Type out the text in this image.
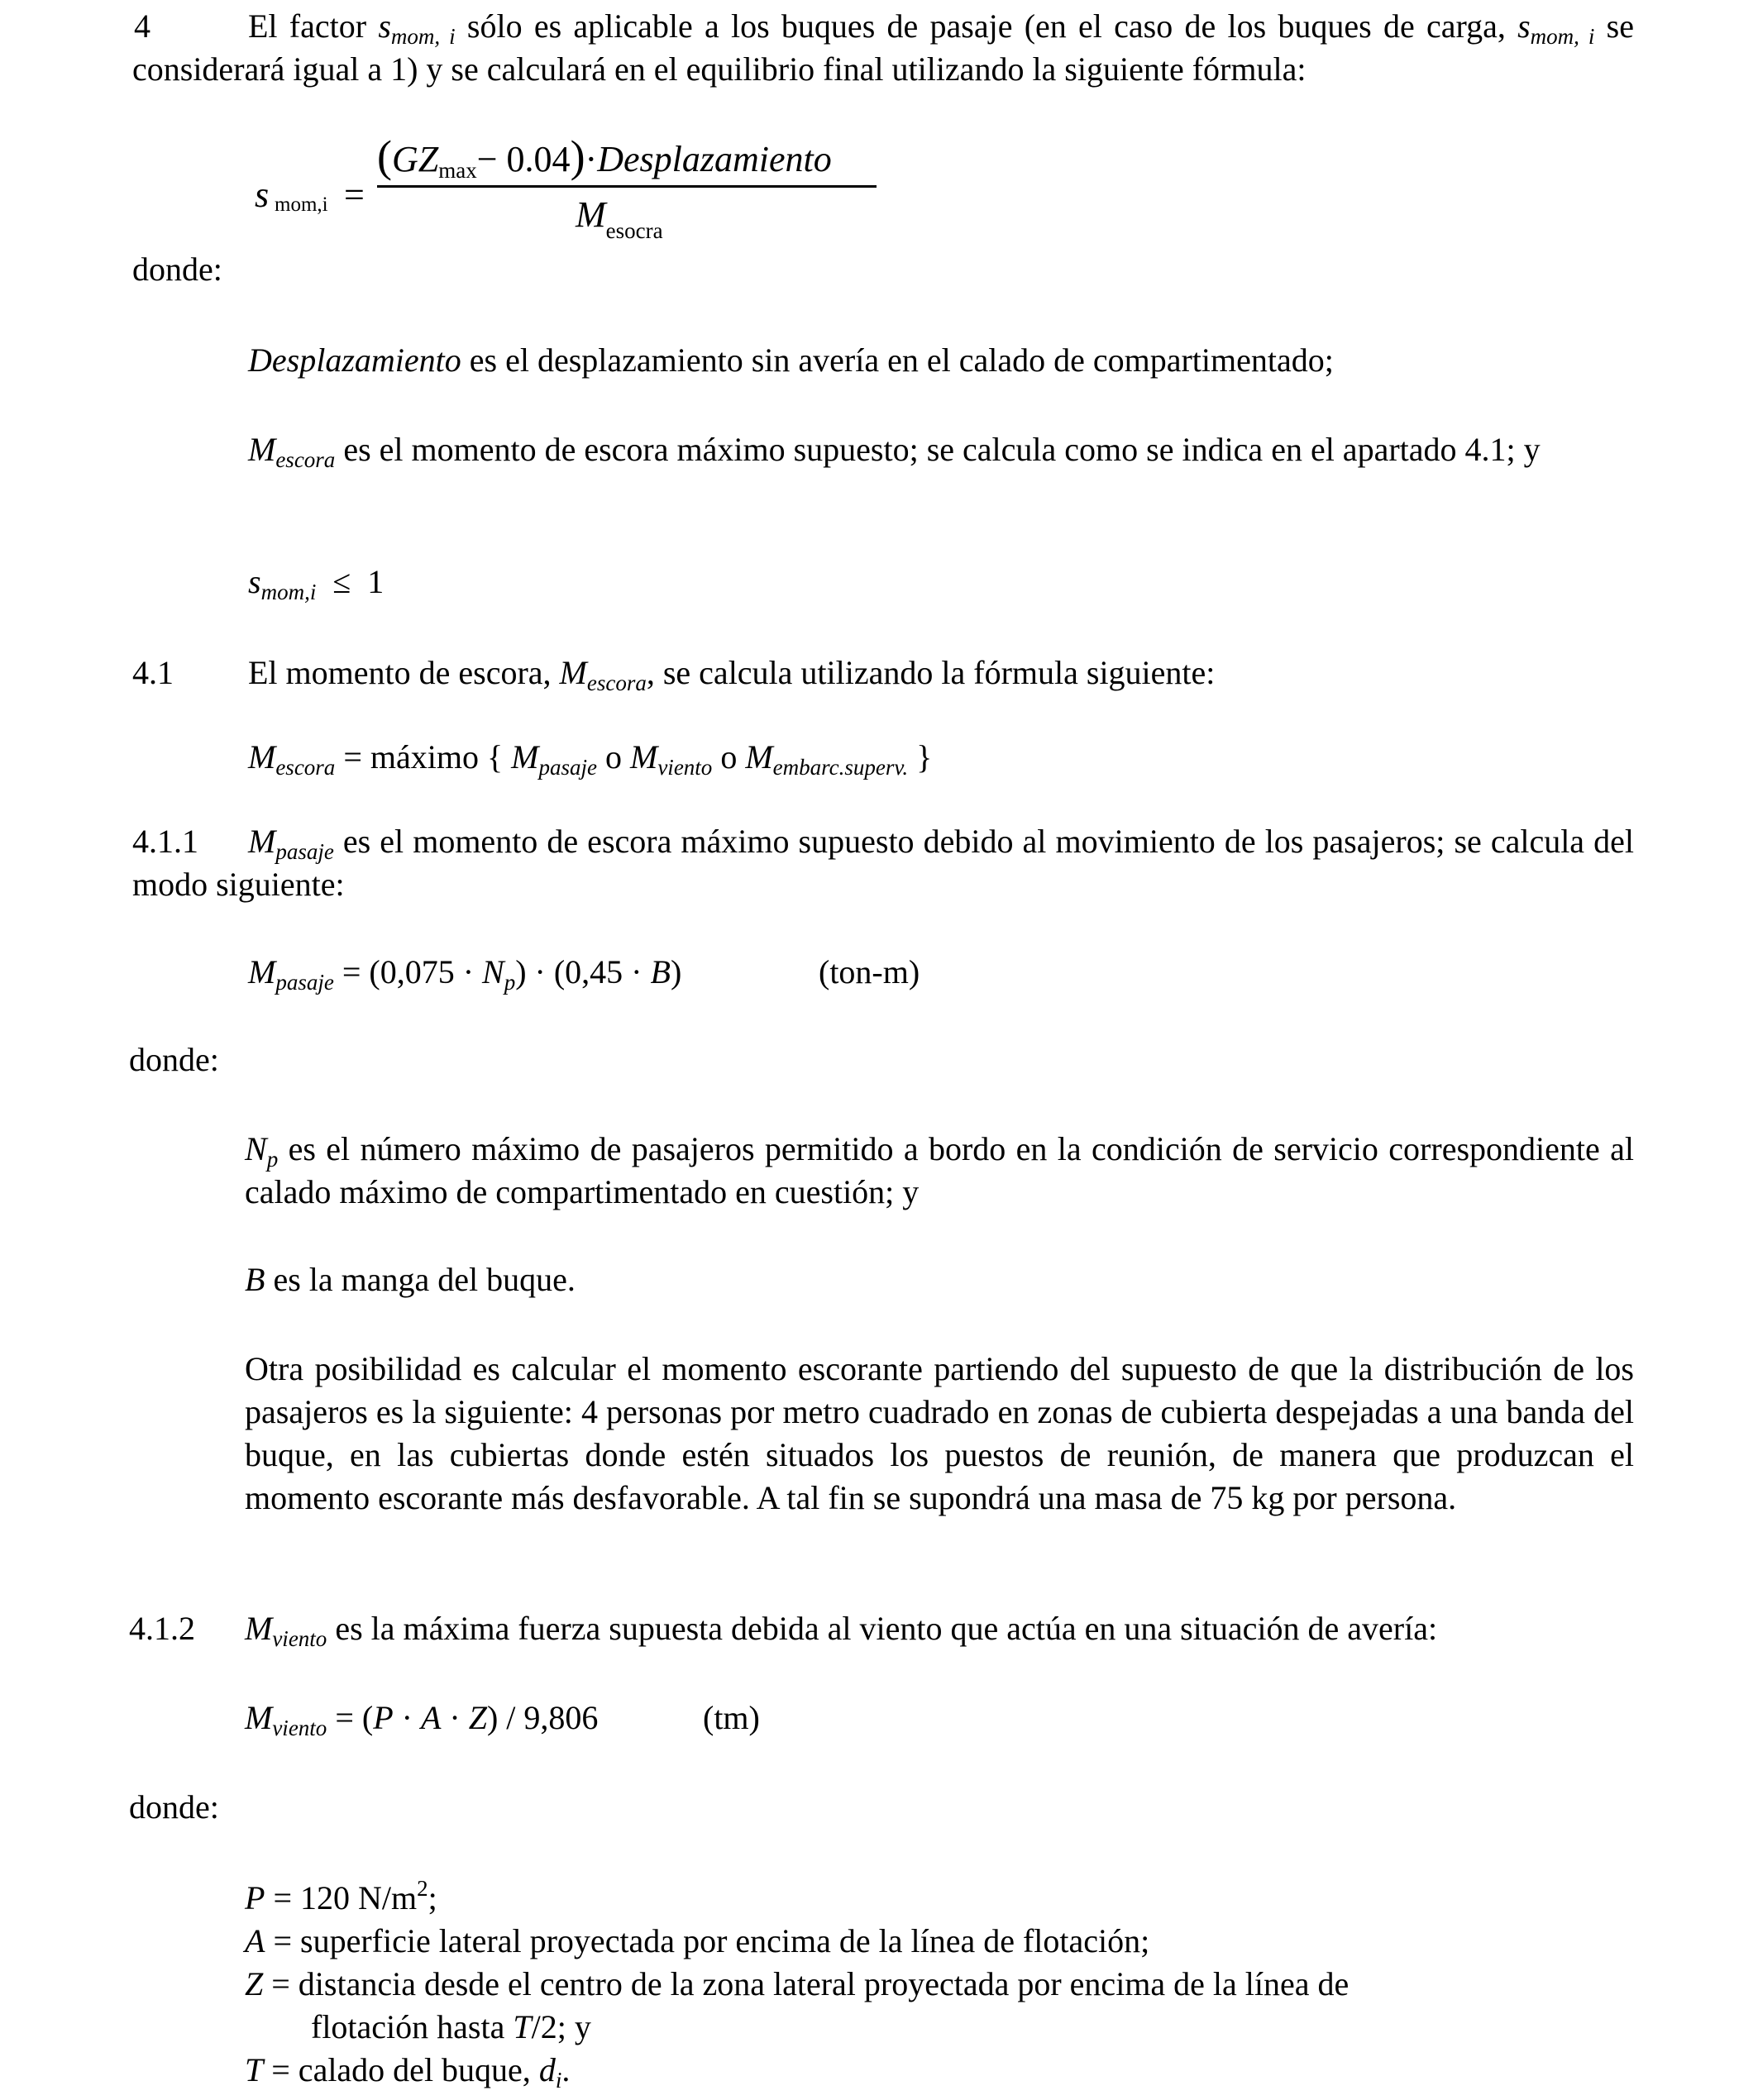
4	El factor $s_{mom, i}$ sólo es aplicable a los buques de pasaje (en el caso de los buques de carga, $s_{mom, i}$ se considerará igual a 1) y se calculará en el equilibrio final utilizando la siguiente fórmula:

s mom,i =
($GZ_{max}-$ 0.04)·Desplazamiento
$M_{esocra}$

donde:

Desplazamiento es el desplazamiento sin avería en el calado de compartimentado;

$M_{escora}$ es el momento de escora máximo supuesto; se calcula como se indica en el apartado 4.1; y

$s_{mom,i} \le 1$

4.1 El momento de escora, $M_{escora}$, se calcula utilizando la fórmula siguiente:

$M_{escora}$ = máximo { $M_{pasaje}$ o $M_{viento}$ o $M_{embarc.superv.}$ }

4.1.1	$M_{pasaje}$ es el momento de escora máximo supuesto debido al movimiento de los pasajeros; se calcula del modo siguiente:

$M_{pasaje} = (0,075 \cdot N_p) \cdot (0,45 \cdot B)$	(ton-m)

donde:

$N_p$ es el número máximo de pasajeros permitido a bordo en la condición de servicio correspondiente al calado máximo de compartimentado en cuestión; y

B es la manga del buque.

Otra posibilidad es calcular el momento escorante partiendo del supuesto de que la distribución de los pasajeros es la siguiente: 4 personas por metro cuadrado en zonas de cubierta despejadas a una banda del buque, en las cubiertas donde estén situados los puestos de reunión, de manera que produzcan el momento escorante más desfavorable. A tal fin se supondrá una masa de 75 kg por persona.

4.1.2 $M_{viento}$ es la máxima fuerza supuesta debida al viento que actúa en una situación de avería:

$M_{viento} = (P \cdot A \cdot Z) / 9,806$	(tm)

donde:

P = 120 $N/m^2$;

A = superficie lateral proyectada por encima de la línea de flotación;

Z = distancia desde el centro de la zona lateral proyectada por encima de la línea de

flotación hasta T/2; y

T = calado del buque, $d_i$.
